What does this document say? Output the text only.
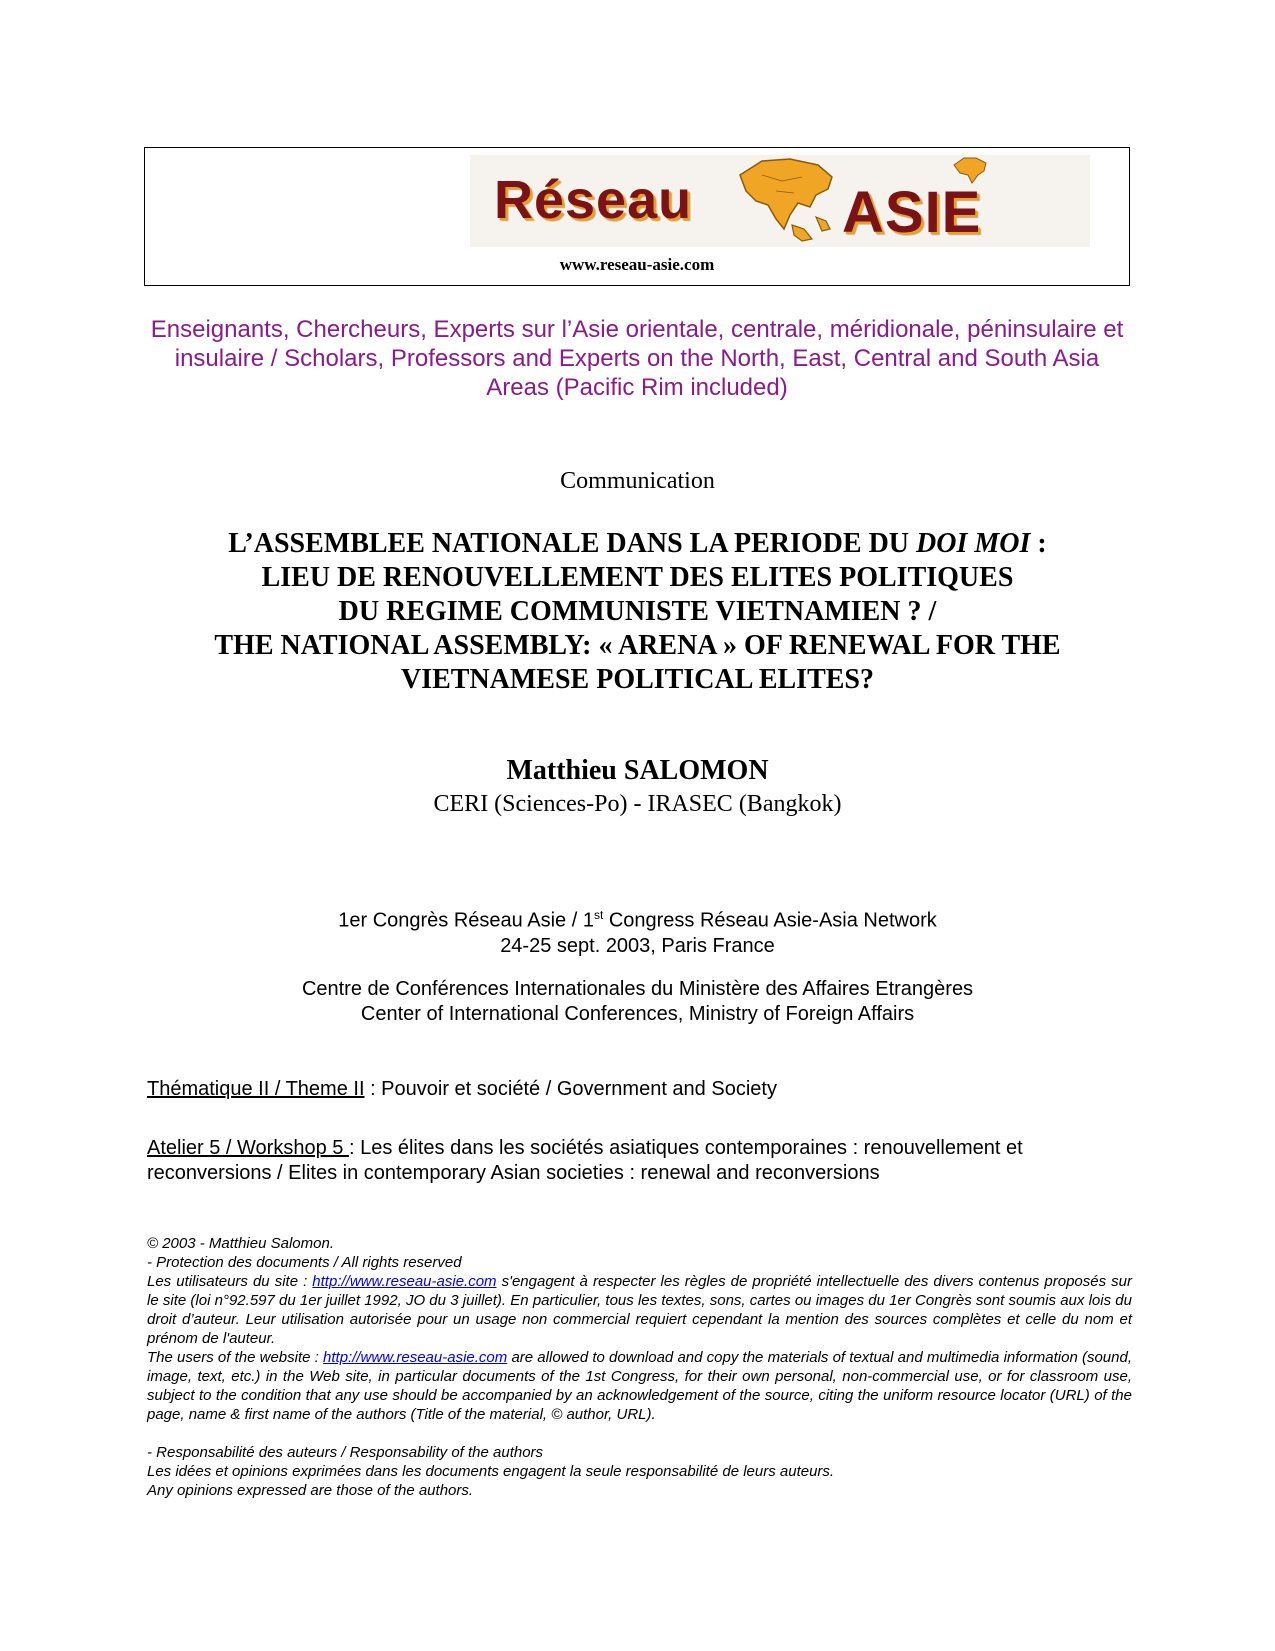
Réseau	ASIE
www.reseau-asie.com
Enseignants, Chercheurs, Experts sur l’Asie orientale, centrale, méridionale, péninsulaire et insulaire / Scholars, Professors and Experts on the North, East, Central and South Asia Areas (Pacific Rim included)
Communication
L’ASSEMBLEE NATIONALE DANS LA PERIODE DU DOI MOI :
LIEU DE RENOUVELLEMENT DES ELITES POLITIQUES
DU REGIME COMMUNISTE VIETNAMIEN ? /
THE NATIONAL ASSEMBLY: « ARENA » OF RENEWAL FOR THE
VIETNAMESE POLITICAL ELITES?
Matthieu SALOMON
CERI (Sciences-Po) - IRASEC (Bangkok)
1er Congrès Réseau Asie / 1st Congress Réseau Asie-Asia Network
24-25 sept. 2003, Paris France
Centre de Conférences Internationales du Ministère des Affaires Etrangères
Center of International Conferences, Ministry of Foreign Affairs
Thématique II / Theme II : Pouvoir et société / Government and Society
Atelier 5 / Workshop 5 : Les élites dans les sociétés asiatiques contemporaines : renouvellement et reconversions / Elites in contemporary Asian societies : renewal and reconversions

© 2003 - Matthieu Salomon.

- Protection des documents / All rights reserved

Les utilisateurs du site : http://www.reseau-asie.com s'engagent à respecter les règles de propriété intellectuelle des divers contenus proposés sur le site (loi n°92.597 du 1er juillet 1992, JO du 3 juillet). En particulier, tous les textes, sons, cartes ou images du 1er Congrès sont soumis aux lois du droit d’auteur. Leur utilisation autorisée pour un usage non commercial requiert cependant la mention des sources complètes et celle du nom et prénom de l'auteur.

The users of the website : http://www.reseau-asie.com are allowed to download and copy the materials of textual and multimedia information (sound, image, text, etc.) in the Web site, in particular documents of the 1st Congress, for their own personal, non-commercial use, or for classroom use, subject to the condition that any use should be accompanied by an acknowledgement of the source, citing the uniform resource locator (URL) of the page, name & first name of the authors (Title of the material, © author, URL).

- Responsabilité des auteurs / Responsability of the authors

Les idées et opinions exprimées dans les documents engagent la seule responsabilité de leurs auteurs.

Any opinions expressed are those of the authors.
